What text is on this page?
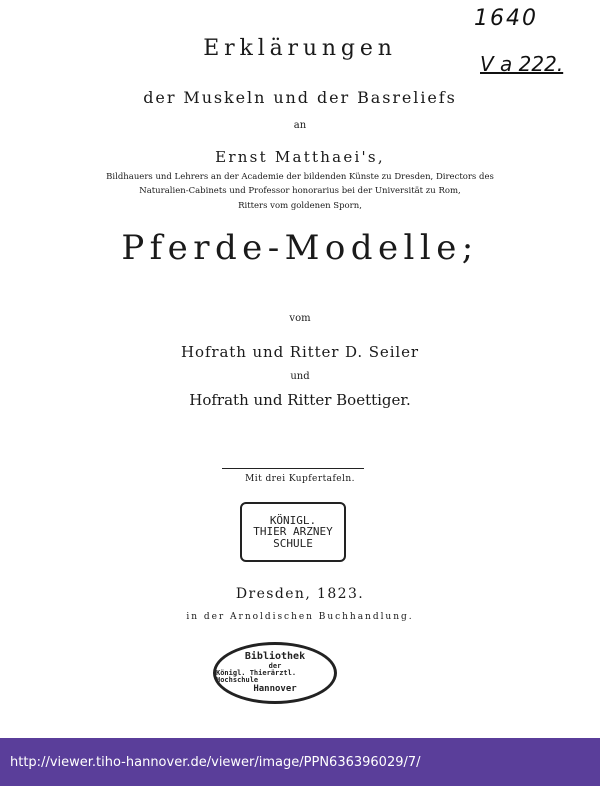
1640
V a 222.
Erklärungen
der Muskeln und der Basreliefs
an
Ernst Matthaei's,
Bildhauers und Lehrers an der Academie der bildenden Künste zu Dresden, Directors des
Naturalien-Cabinets und Professor honorarius bei der Universität zu Rom,
Ritters vom goldenen Sporn,
Pferde-Modelle;
vom
Hofrath und Ritter D. Seiler
und
Hofrath und Ritter Boettiger.
Mit drei Kupfertafeln.
KÖNIGL.
THIER ARZNEY
SCHULE
Dresden, 1823.
in der Arnoldischen Buchhandlung.
Bibliothek
der
Königl. Thierärztl. Hochschule
Hannover
http://viewer.tiho-hannover.de/viewer/image/PPN636396029/7/
